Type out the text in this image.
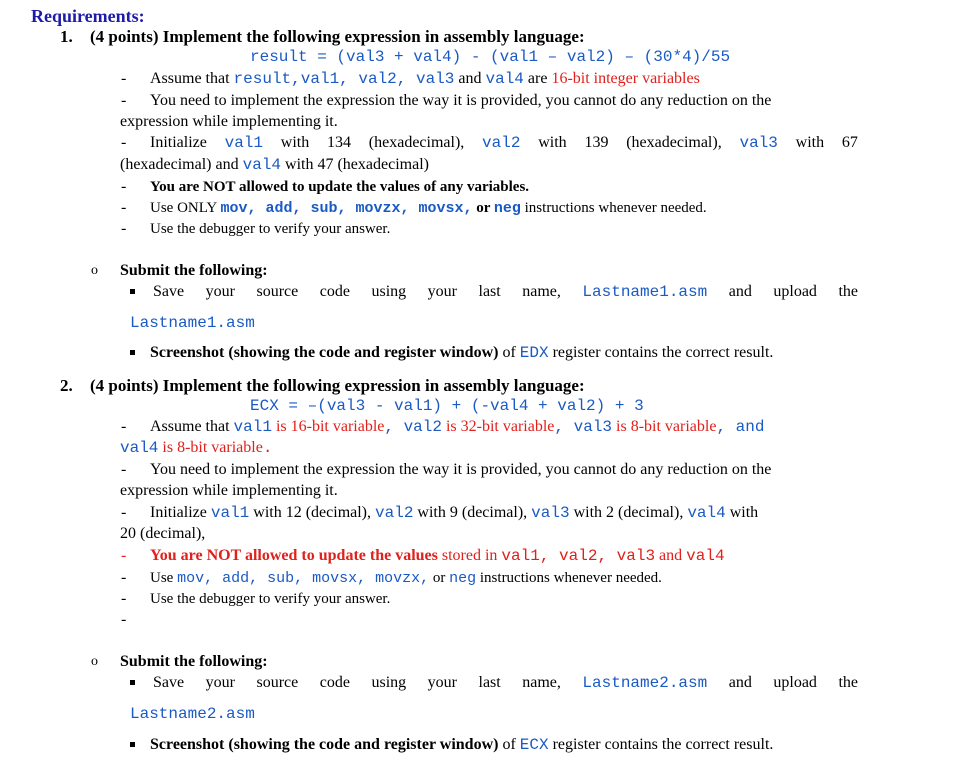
Requirements:
1. (4 points) Implement the following expression in assembly language:
result = (val3 + val4) - (val1 – val2) – (30*4)/55
- Assume that result,val1, val2, val3 and val4 are 16-bit integer variables
- You need to implement the expression the way it is provided, you cannot do any reduction on the
expression while implementing it.
- Initialize val1 with 134 (hexadecimal), val2 with 139 (hexadecimal), val3 with 67
(hexadecimal) and val4 with 47 (hexadecimal)
- You are NOT allowed to update the values of any variables.
- Use ONLY mov, add, sub, movzx, movsx, or neg instructions whenever needed.
- Use the debugger to verify your answer.
o Submit the following:
Save your source code using your last name, Lastname1.asm and upload the
Lastname1.asm
Screenshot (showing the code and register window) of EDX register contains the correct result.
2. (4 points) Implement the following expression in assembly language:
ECX = –(val3 - val1) + (-val4 + val2) + 3
- Assume that val1 is 16-bit variable, val2 is 32-bit variable, val3 is 8-bit variable, and
val4 is 8-bit variable.
- You need to implement the expression the way it is provided, you cannot do any reduction on the
expression while implementing it.
- Initialize val1 with 12 (decimal), val2 with 9 (decimal), val3 with 2 (decimal), val4 with
20 (decimal),
- You are NOT allowed to update the values stored in val1, val2, val3 and val4
- Use mov, add, sub, movsx, movzx, or neg instructions whenever needed.
- Use the debugger to verify your answer.
-
o Submit the following:
Save your source code using your last name, Lastname2.asm and upload the
Lastname2.asm
Screenshot (showing the code and register window) of ECX register contains the correct result.
